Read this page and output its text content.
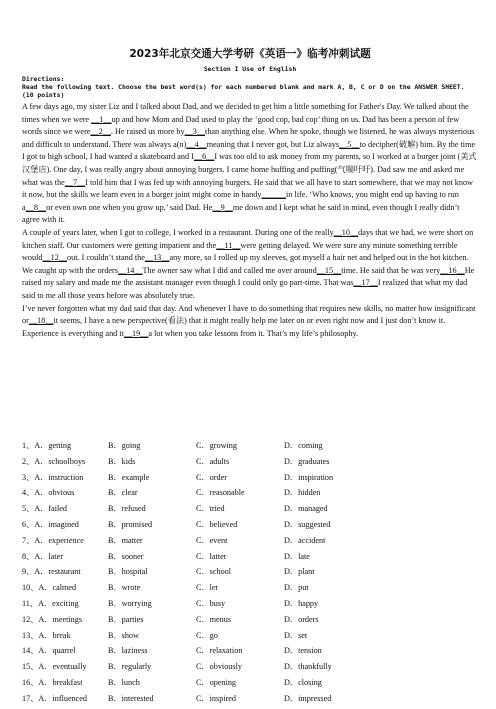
2023年北京交通大学考研《英语一》临考冲刺试题
Section I Use of English
Directions:
Read the following text. Choose the best word(s) for each numbered blank and mark A, B, C or D on the ANSWER SHEET. (10 points)

A few days ago, my sister Liz and I talked about Dad, and we decided to get him a little something for Father's Day. We talked about the times when we were __1__up and how Mom and Dad used to play the ‘good cop, bad cop’ thing on us. Dad has been a person of few words since we were__2__. He raised us more by__3__than anything else. When he spoke, though we listened, he was always mysterious and difficult to understand. There was always a(n)__4__meaning that I never got, but Liz always__5__to decipher(破解) him. By the time I got to high school, I had wanted a skateboard and I__6__I was too old to ask money from my parents, so I worked at a burger joint (美式汉堡店). One day, I was really angry about annoying burgers. I came home huffing and puffing(气喘吁吁). Dad saw me and asked me what was the__7__I told him that I was fed up with annoying burgers. He said that we all have to start somewhere, that we may not know it now, but the skills we learn even in a burger joint might come in handy______in life. ‘Who knows, you might end up having to run a__8__or even own one when you grow up,’ said Dad. He__9__me down and I kept what he said in mind, even though I really didn’t agree with it.

A couple of years later, when I got to college, I worked in a restaurant. During one of the really__10__days that we had, we were short on kitchen staff. Our customers were getting impatient and the__11__were getting delayed. We were sure any minute something terrible would__12__out. I couldn’t stand the__13__any more, so I rolled up my sleeves, got myself a hair net and helped out in the hot kitchen. We caught up with the orders__14__The owner saw what I did and called me over around__15__time. He said that he was very__16__He raised my salary and made me the assistant manager even though I could only go part-time. That was__17__I realized that what my dad said to me all those years before was absolutely true.

I’ve never forgotten what my dad said that day. And whenever I have to do something that requires new skills, no matter how insignificant or__18__it seems, I have a new perspective(看法) that it might really help me later on or even right now and I just don’t know it. Experience is everything and it__19__a lot when you take lessons from it. That’s my life’s philosophy.

1、A．getting	B．going	C．growing	D．coming
2、A．schoolboys	B．kids	C．adults	D．graduates
3、A．instruction	B．example	C．order	D．inspiration
4、A．obvious	B．clear	C．reasonable	D．hidden
5、A．failed	B．refused	C．tried	D．managed
6、A．imagined	B．promised	C．believed	D．suggested
7、A．experience	B．matter	C．event	D．accident
8、A．later	B．sooner	C．latter	D．late
9、A．restaurant	B．hospital	C．school	D．plant
10、A．calmed	B．wrote	C．let	D．put
11、A．exciting	B．worrying	C．busy	D．happy
12、A．meetings	B．parties	C．menus	D．orders
13、A．break	B．show	C．go	D．set
14、A．quarrel	B．laziness	C．relaxation	D．tension
15、A．eventually	B．regularly	C．obviously	D．thankfully
16、A．breakfast	B．lunch	C．opening	D．closing
17、A．influenced	B．interested	C．inspired	D．impressed
